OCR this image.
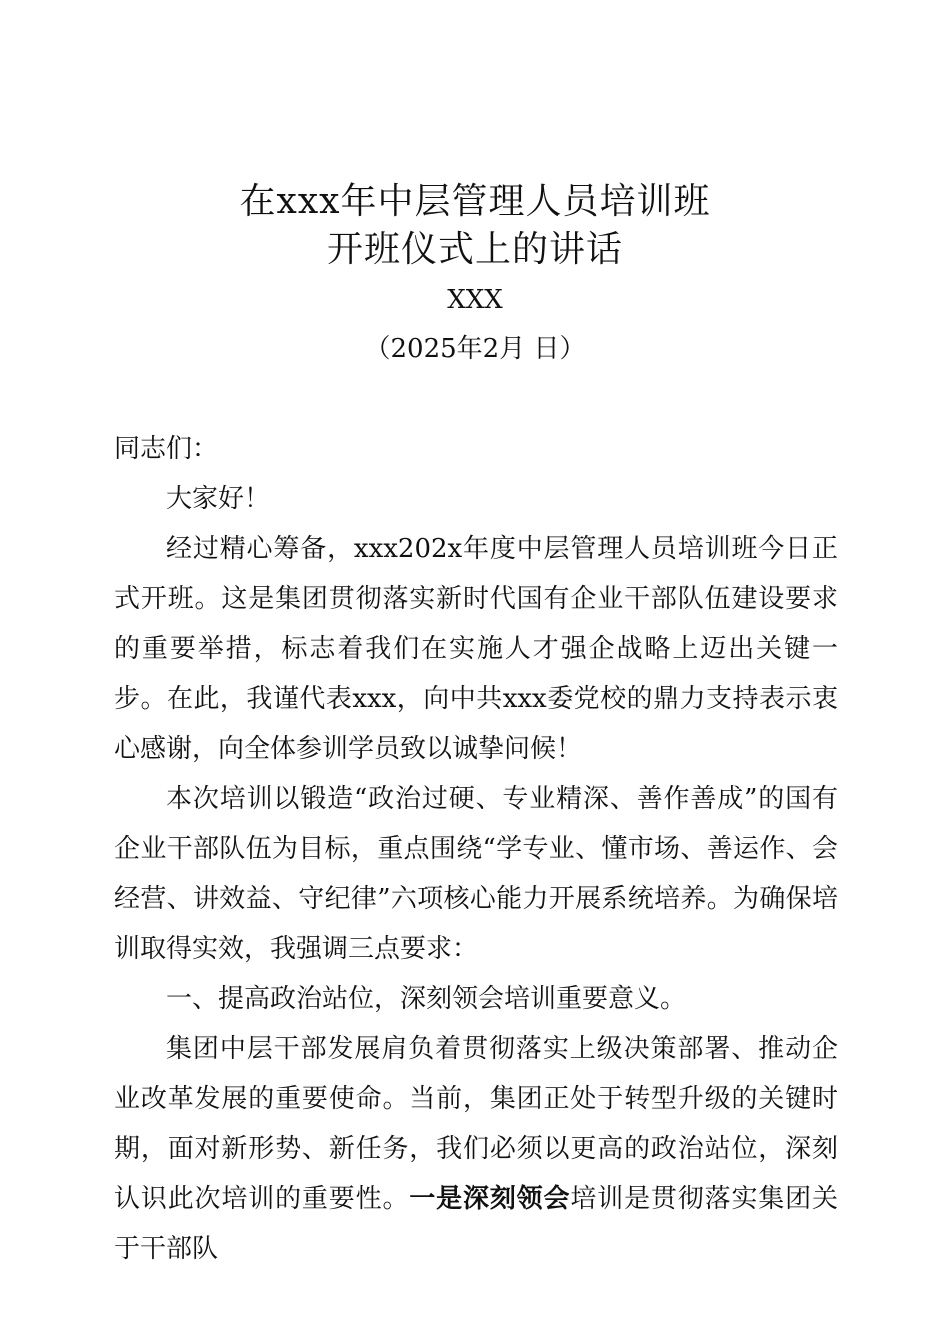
在xxx年中层管理人员培训班
开班仪式上的讲话
XXX
（2025年2月 日）

同志们：

大家好！

经过精心筹备，xxx202x年度中层管理人员培训班今日正式开班。这是集团贯彻落实新时代国有企业干部队伍建设要求的重要举措，标志着我们在实施人才强企战略上迈出关键一步。在此，我谨代表xxx，向中共xxx委党校的鼎力支持表示衷心感谢，向全体参训学员致以诚挚问候！

本次培训以锻造“政治过硬、专业精深、善作善成”的国有企业干部队伍为目标，重点围绕“学专业、懂市场、善运作、会经营、讲效益、守纪律”六项核心能力开展系统培养。为确保培训取得实效，我强调三点要求：

一、提高政治站位，深刻领会培训重要意义。

集团中层干部发展肩负着贯彻落实上级决策部署、推动企业改革发展的重要使命。当前，集团正处于转型升级的关键时期，面对新形势、新任务，我们必须以更高的政治站位，深刻认识此次培训的重要性。一是深刻领会培训是贯彻落实集团关于干部队
